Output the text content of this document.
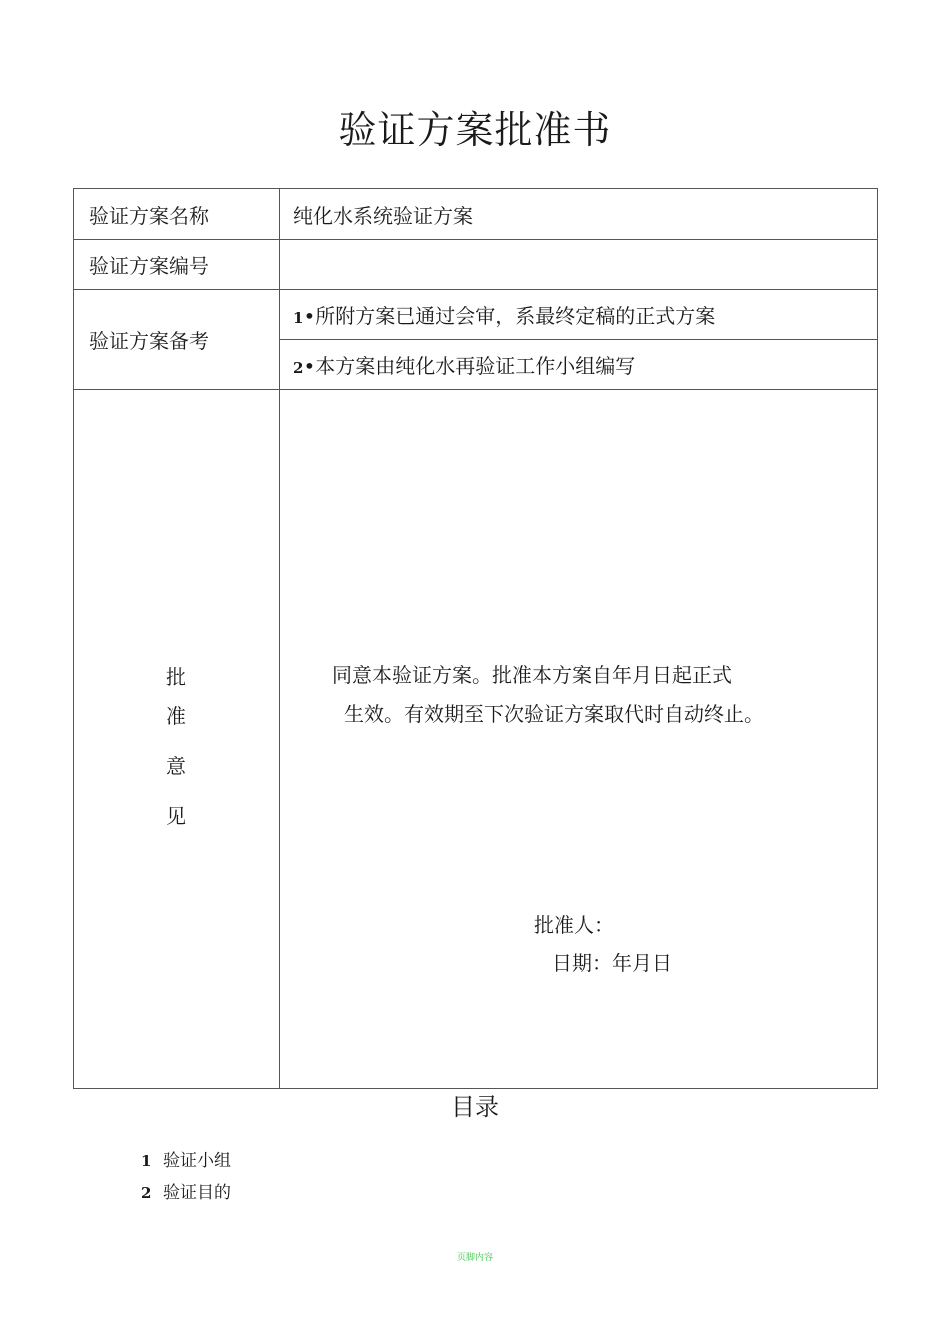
验证方案批准书
验证方案名称	纯化水系统验证方案
验证方案编号	
验证方案备考	1•所附方案已通过会审，系最终定稿的正式方案
	2•本方案由纯化水再验证工作小组编写

批
准
意
见	同意本验证方案。批准本方案自年月日起正式
生效。有效期至下次验证方案取代时自动终止。
批准人：
日期：年月日
目录
1 验证小组
2 验证目的
页脚内容
